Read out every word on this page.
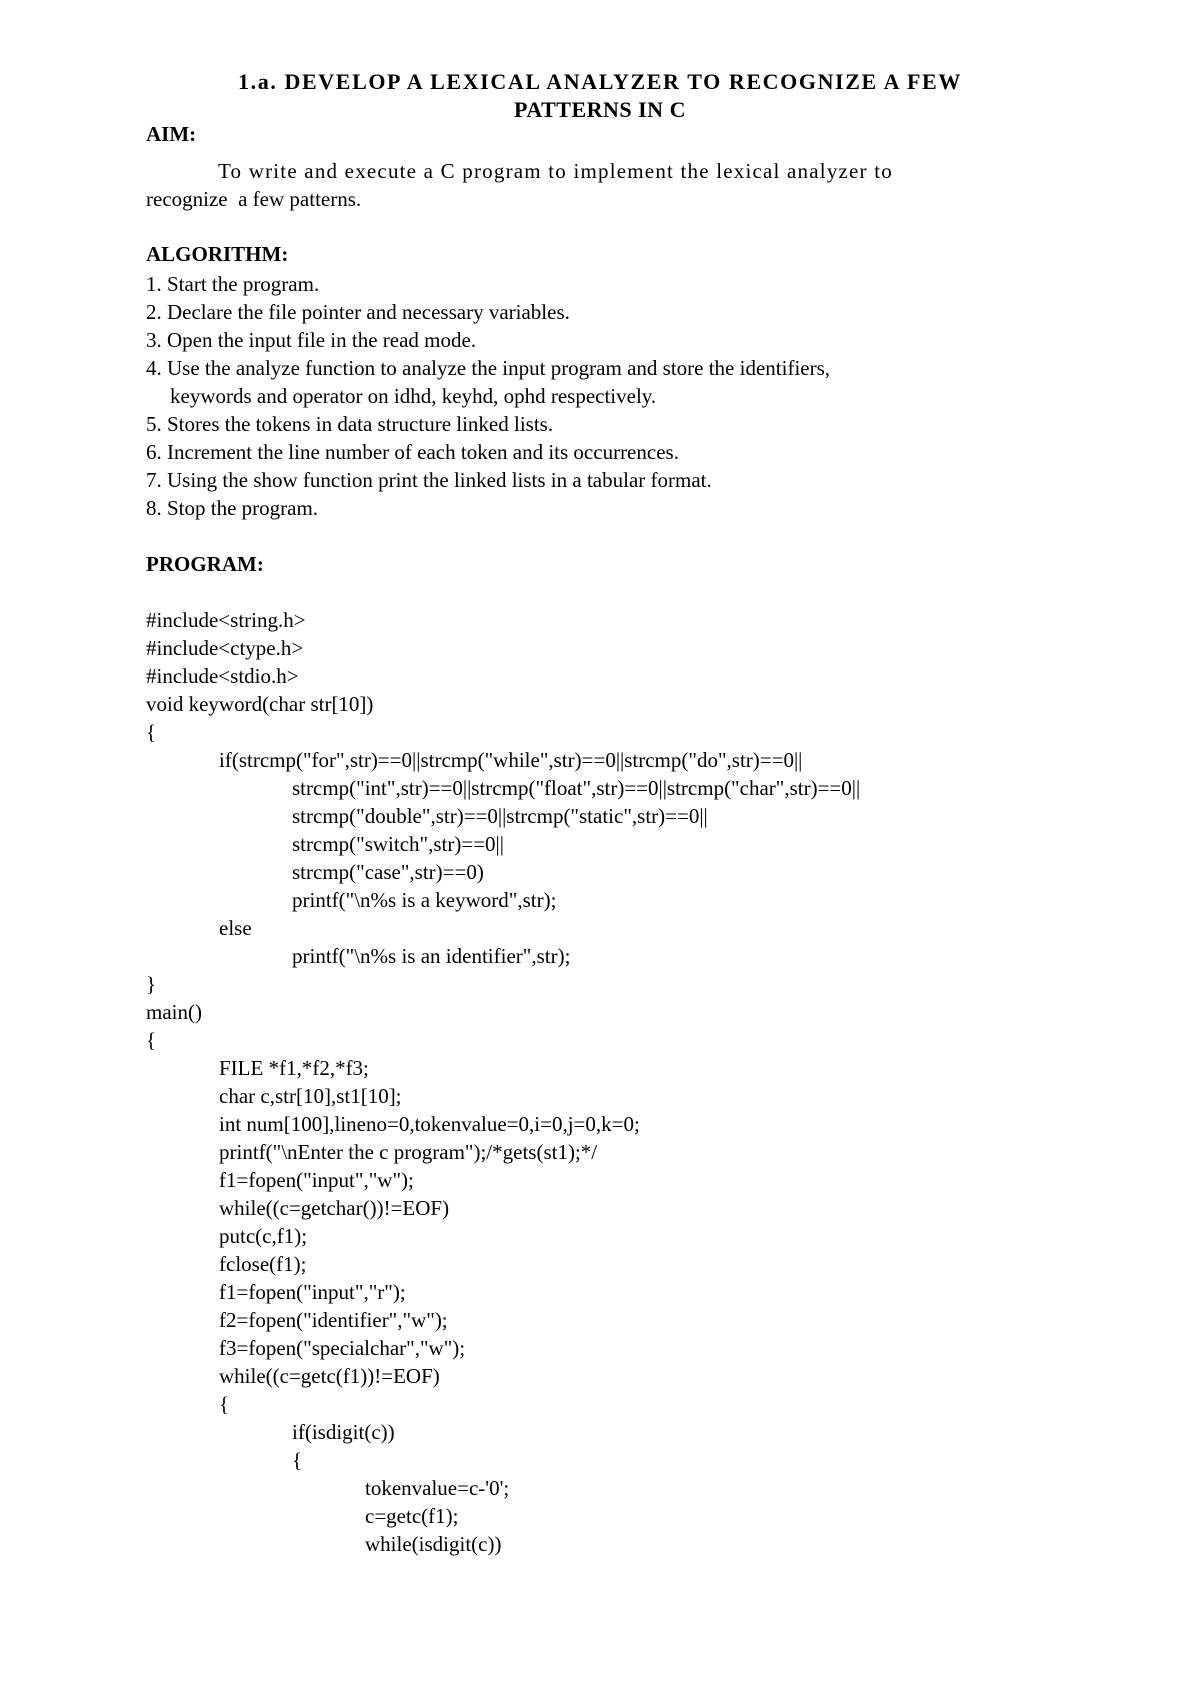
1.a. DEVELOP A LEXICAL ANALYZER TO RECOGNIZE A FEW
PATTERNS IN C
AIM:
To write and execute a C program to implement the lexical analyzer to
recognize  a few patterns.
ALGORITHM:
1. Start the program.
2. Declare the file pointer and necessary variables.
3. Open the input file in the read mode.
4. Use the analyze function to analyze the input program and store the identifiers,
keywords and operator on idhd, keyhd, ophd respectively.
5. Stores the tokens in data structure linked lists.
6. Increment the line number of each token and its occurrences.
7. Using the show function print the linked lists in a tabular format.
8. Stop the program.
PROGRAM:
#include<string.h>
#include<ctype.h>
#include<stdio.h>
void keyword(char str[10])
{
if(strcmp("for",str)==0||strcmp("while",str)==0||strcmp("do",str)==0||
strcmp("int",str)==0||strcmp("float",str)==0||strcmp("char",str)==0||
strcmp("double",str)==0||strcmp("static",str)==0||
strcmp("switch",str)==0||
strcmp("case",str)==0)
printf("\n%s is a keyword",str);
else
printf("\n%s is an identifier",str);
}
main()
{
FILE *f1,*f2,*f3;
char c,str[10],st1[10];
int num[100],lineno=0,tokenvalue=0,i=0,j=0,k=0;
printf("\nEnter the c program");/*gets(st1);*/
f1=fopen("input","w");
while((c=getchar())!=EOF)
putc(c,f1);
fclose(f1);
f1=fopen("input","r");
f2=fopen("identifier","w");
f3=fopen("specialchar","w");
while((c=getc(f1))!=EOF)
{
if(isdigit(c))
{
tokenvalue=c-'0';
c=getc(f1);
while(isdigit(c))
